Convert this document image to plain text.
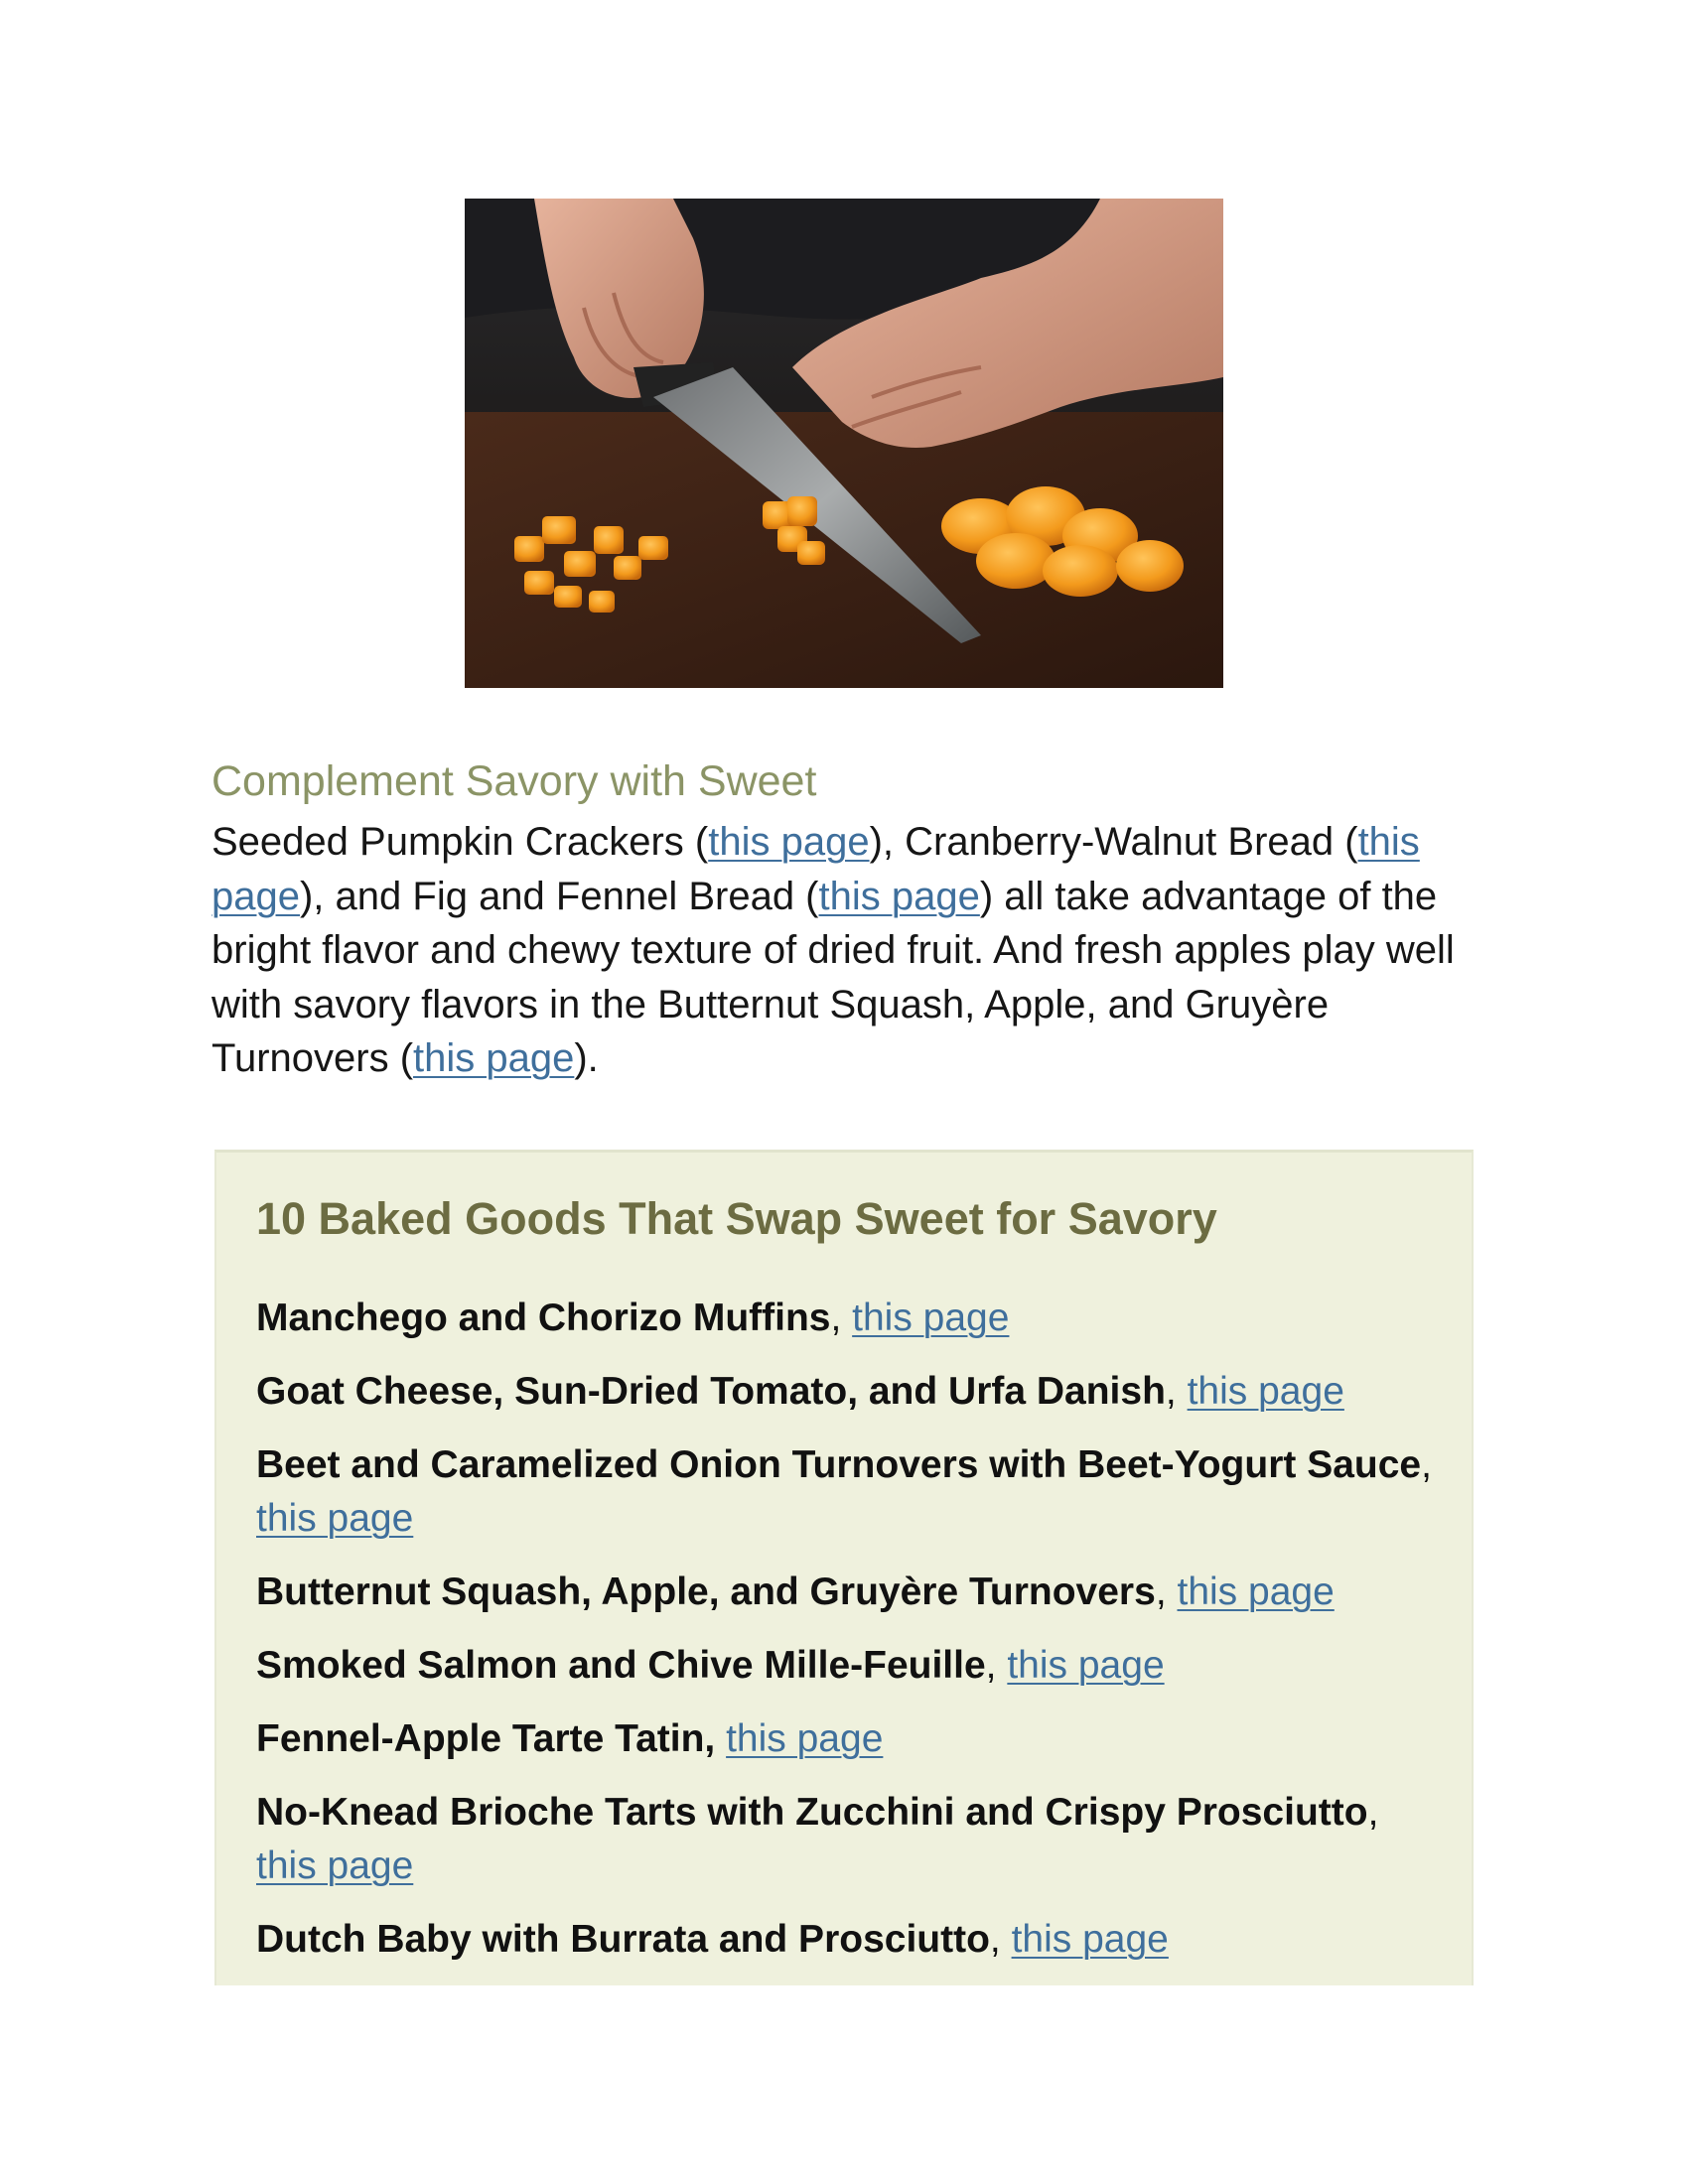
Complement Savory with Sweet

Seeded Pumpkin Crackers (this page), Cranberry-Walnut Bread (this page), and Fig and Fennel Bread (this page) all take advantage of the bright flavor and chewy texture of dried fruit. And fresh apples play well with savory flavors in the Butternut Squash, Apple, and Gruyère Turnovers (this page).

10 Baked Goods That Swap Sweet for Savory
Manchego and Chorizo Muffins, this page
Goat Cheese, Sun-Dried Tomato, and Urfa Danish, this page
Beet and Caramelized Onion Turnovers with Beet-Yogurt Sauce, this page
Butternut Squash, Apple, and Gruyère Turnovers, this page
Smoked Salmon and Chive Mille-Feuille, this page
Fennel-Apple Tarte Tatin, this page
No-Knead Brioche Tarts with Zucchini and Crispy Prosciutto, this page
Dutch Baby with Burrata and Prosciutto, this page
